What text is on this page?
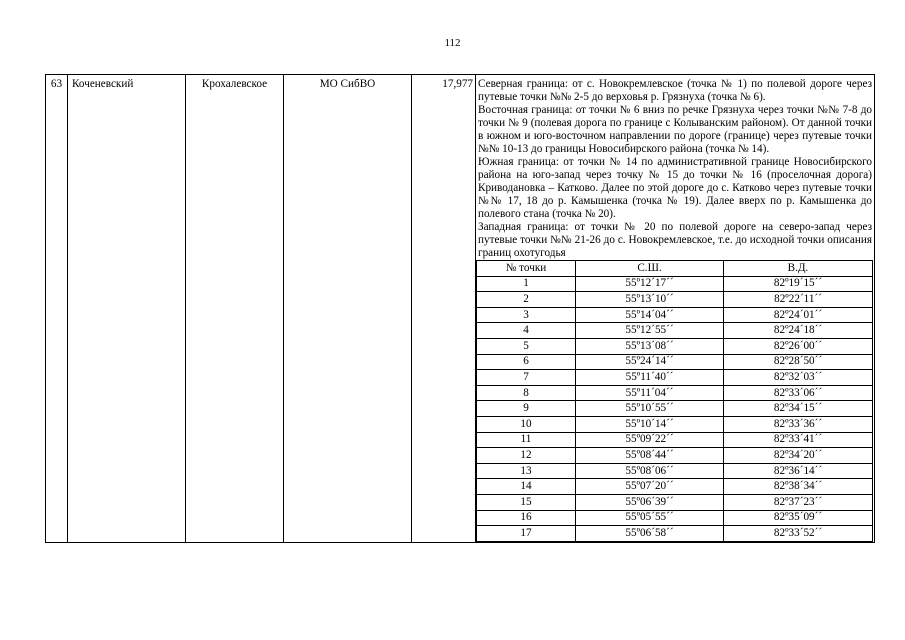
112
63	Коченевский	Крохалевское	МО СибВО	17,977	Северная граница: от с. Новокремлевское (точка № 1) по полевой дороге через путевые точки №№ 2-5 до верховья р. Грязнуха (точка № 6).

Восточная граница: от точки № 6 вниз по речке Грязнуха через точки №№ 7-8 до точки № 9 (полевая дорога по границе с Колыванским районом). От данной точки в южном и юго-восточном направлении по дороге (границе) через путевые точки №№ 10-13 до границы Новосибирского района (точка № 14).

Южная граница: от точки № 14 по административной границе Новосибирского района на юго-запад через точку № 15 до точки № 16 (проселочная дорога) Криводановка – Катково. Далее по этой дороге до с. Катково через путевые точки №№ 17, 18 до р. Камышенка (точка № 19). Далее вверх по р. Камышенка до полевого стана (точка № 20).

Западная граница: от точки № 20 по полевой дороге на северо-запад через путевые точки №№ 21-26 до с. Новокремлевское, т.е. до исходной точки описания границ охотугодья

№ точки	С.Ш.	В.Д.
1	55º12´17´´	82º19´15´´
2	55º13´10´´	82º22´11´´
3	55º14´04´´	82º24´01´´
4	55º12´55´´	82º24´18´´
5	55º13´08´´	82º26´00´´
6	55º24´14´´	82º28´50´´
7	55º11´40´´	82º32´03´´
8	55º11´04´´	82º33´06´´
9	55º10´55´´	82º34´15´´
10	55º10´14´´	82º33´36´´
11	55º09´22´´	82º33´41´´
12	55º08´44´´	82º34´20´´
13	55º08´06´´	82º36´14´´
14	55º07´20´´	82º38´34´´
15	55º06´39´´	82º37´23´´
16	55º05´55´´	82º35´09´´
17	55º06´58´´	82º33´52´´
